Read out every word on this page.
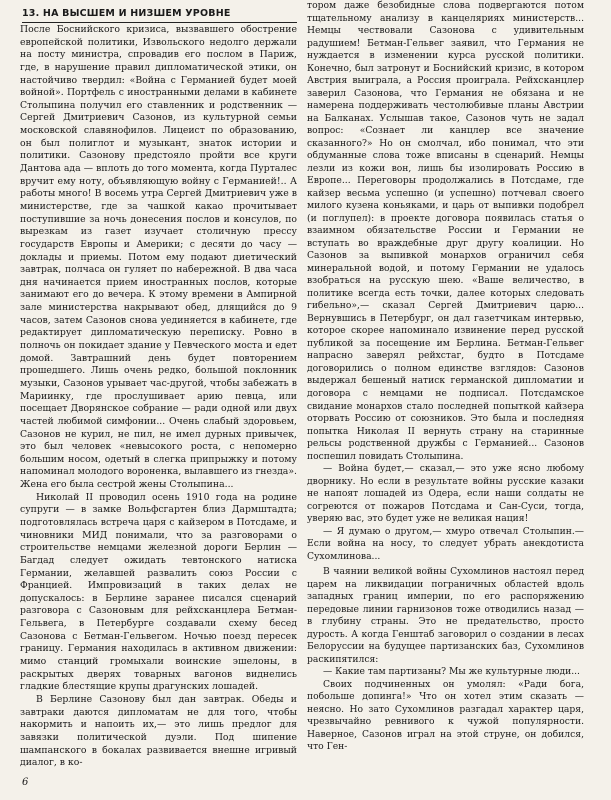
13. НА ВЫСШЕМ И НИЗШЕМ УРОВНЕ

После Боснийского кризиса, вызвавшего обострение европейской политики, Извольского недолго держали на посту министра, спровадив его послом в Париж, где, в нарушение правил дипломатической этики, он настойчиво твердил: «Война с Германией будет моей войной». Портфель с иностранными делами в кабинете Столыпина получил его ставленник и родственник — Сергей Дмитриевич Сазонов, из культурной семьи московской славянофилов. Лицеист по образованию, он был полиглот и музыкант, знаток истории и политики. Сазонову предстояло пройти все круги Дантова ада — вплоть до того момента, когда Пурталес вручит ему ноту, объявляющую войну с Германией!.. А работы много! В восемь утра Сергей Дмитриевич уже в министерстве, где за чашкой какао прочитывает поступившие за ночь донесения послов и консулов, по вырезкам из газет изучает столичную прессу государств Европы и Америки; с десяти до часу — доклады и приемы. Потом ему подают диетический завтрак, полчаса он гуляет по набережной. В два часа дня начинается прием иностранных послов, которые занимают его до вечера. К этому времени в Ампирной зале министерства накрывают обед, длящийся до 9 часов, затем Сазонов снова уединяется в кабинете, где редактирует дипломатическую переписку. Ровно в полночь он покидает здание у Певческого моста и едет домой. Завтрашний день будет повторением прошедшего. Лишь очень редко, большой поклонник музыки, Сазонов урывает час-другой, чтобы забежать в Мариинку, где прослушивает арию певца, или посещает Дворянское собрание — ради одной или двух частей любимой симфонии... Очень слабый здоровьем, Сазонов не курил, не пил, не имел дурных привычек, это был человек «невысокого роста, с непомерно большим носом, одетый в слегка припрыжку и потому напоминал молодого вороненка, вылавшего из гнезда». Жена его была сестрой жены Столыпина...

Николай II проводил осень 1910 года на родине супруги — в замке Вольфсгартен близ Дармштадта; подготовлялась встреча царя с кайзером в Потсдаме, и чиновники МИД понимали, что за разговорами о строительстве немцами железной дороги Берлин — Багдад следует ожидать тевтонского натиска Германии, желавшей развалить союз России с Францией. Импровизаций в таких делах не допускалось: в Берлине заранее писался сценарий разговора с Сазоновым для рейхсканцлера Бетман-Гельвега, в Петербурге создавали схему бесед Сазонова с Бетман-Гельвегом. Ночью поезд пересек границу. Германия находилась в активном движении: мимо станций громыхали воинские эшелоны, в раскрытых дверях товарных вагонов виднелись гладкие блестящие крупы драгунских лошадей.

В Берлине Сазонову был дан завтрак. Обеды и завтраки даются дипломатам не для того, чтобы накормить и напоить их,— это лишь предлог для завязки политической дуэли. Под шипение шампанского в бокалах развивается внешне игривый диалог, в ко-

тором даже безобидные слова подвергаются потом тщательному анализу в канцеляриях министерств... Немцы чествовали Сазонова с удивительным радушием! Бетман-Гельвег заявил, что Германия не нуждается в изменении курса русской политики. Конечно, был затронут и Боснийский кризис, в котором Австрия выиграла, а Россия проиграла. Рейхсканцлер заверил Сазонова, что Германия не обязана и не намерена поддерживать честолюбивые планы Австрии на Балканах. Услышав такое, Сазонов чуть не задал вопрос: «Сознает ли канцлер все значение сказанного?» Но он смолчал, ибо понимал, что эти обдуманные слова тоже вписаны в сценарий. Немцы лезли из кожи вон, лишь бы изолировать Россию в Европе... Переговоры продолжались в Потсдаме, где кайзер весьма успешно (и успешно) потчевал своего милого кузена коньяками, и царь от выпивки подобрел (и поглупел): в проекте договора появилась статья о взаимном обязательстве России и Германии не вступать во враждебные друг другу коалиции. Но Сазонов за выпивкой монархов ограничил себя минеральной водой, и потому Германии не удалось взобраться на русскую шею. «Ваше величество, в политике всегда есть точки, далее которых следовать гибельно»,— сказал Сергей Дмитриевич царю... Вернувшись в Петербург, он дал газетчикам интервью, которое скорее напоминало извинение перед русской публикой за посещение им Берлина. Бетман-Гельвег напрасно заверял рейхстаг, будто в Потсдаме договорились о полном единстве взглядов: Сазонов выдержал бешеный натиск германской дипломатии и договора с немцами не подписал. Потсдамское свидание монархов стало последней попыткой кайзера оторвать Россию от союзников. Это была и последняя попытка Николая II вернуть страну на старинные рельсы родственной дружбы с Германией... Сазонов поспешил повидать Столыпина.

— Война будет,— сказал,— это уже ясно любому дворнику. Но если в результате войны русские казаки не напоят лошадей из Одера, если наши солдаты не согреются от пожаров Потсдама и Сан-Суси, тогда, уверяю вас, это будет уже не великая нация!

— Я думаю о другом,— хмуро отвечал Столыпин.— Если война на носу, то следует убрать анекдотиста Сухомлинова...

В чаянии великой войны Сухомлинов настоял перед царем на ликвидации пограничных областей вдоль западных границ империи, по его распоряжению передовые линии гарнизонов тоже отводились назад — в глубину страны. Это не предательство, просто дурость. А когда Генштаб заговорил о создании в лесах Белоруссии на будущее партизанских баз, Сухомлинов раскипятился:

— Какие там партизаны? Мы же культурные люди...

Своих подчиненных он умолял: «Ради бога, побольше допинга!» Что он хотел этим сказать — неясно. Но зато Сухомлинов разгадал характер царя, чрезвычайно ревнивого к чужой популярности. Наверное, Сазонов играл на этой струне, он добился, что Ген-

6
